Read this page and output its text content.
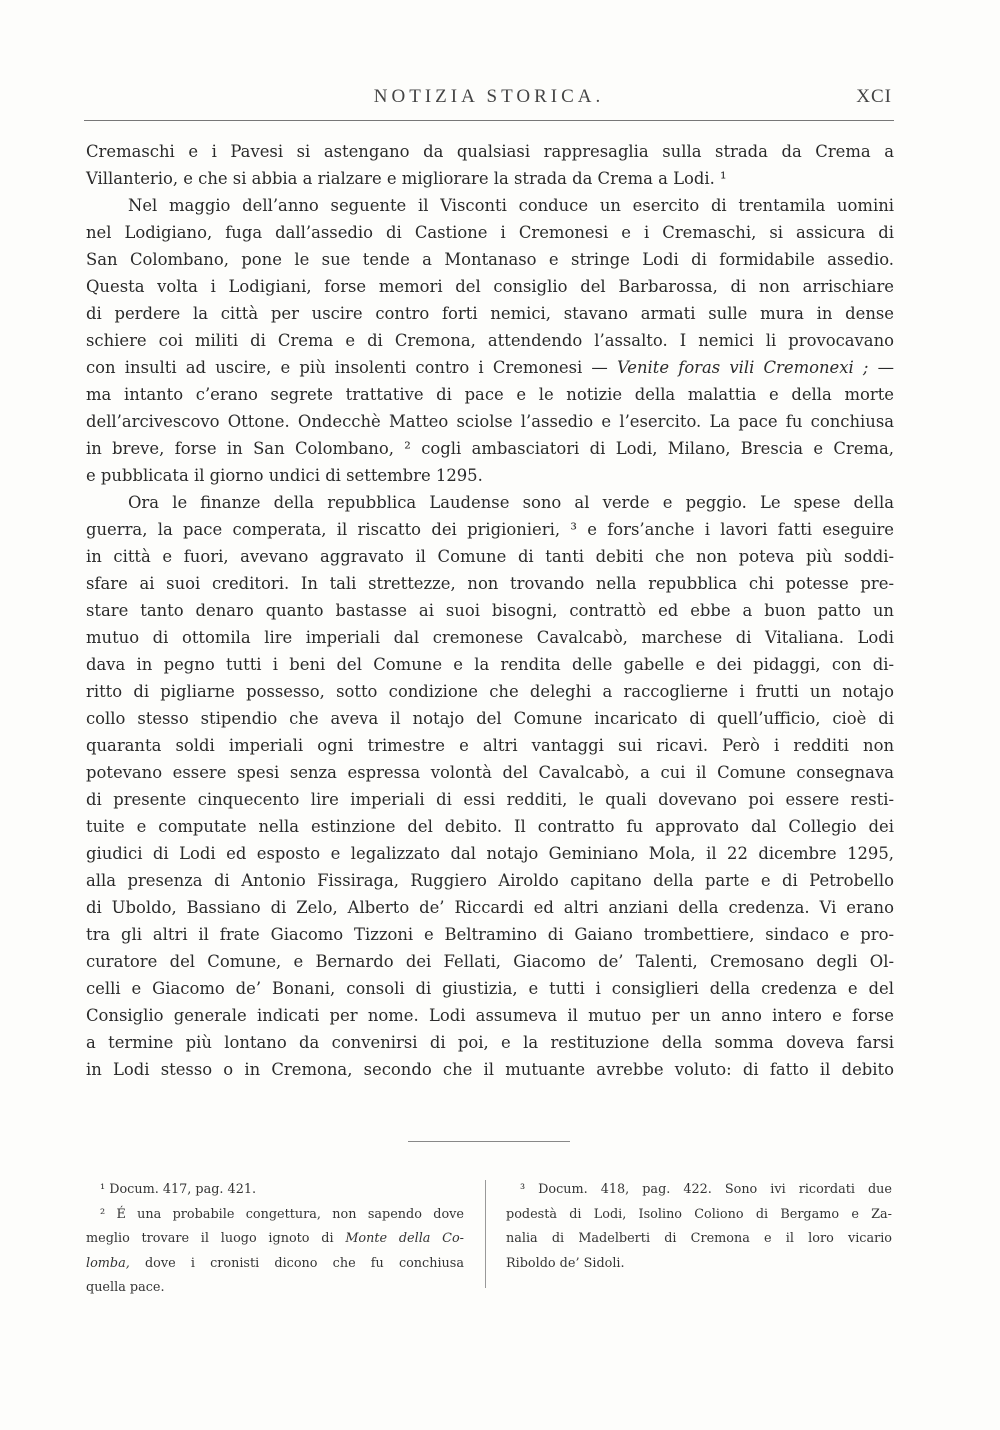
NOTIZIA STORICA.	XCI
Cremaschi e i Pavesi si astengano da qualsiasi rappresaglia sulla strada da Crema a
Villanterio, e che si abbia a rialzare e migliorare la strada da Crema a Lodi. ¹
Nel maggio dell’anno seguente il Visconti conduce un esercito di trentamila uomini
nel Lodigiano, fuga dall’assedio di Castione i Cremonesi e i Cremaschi, si assicura di
San Colombano, pone le sue tende a Montanaso e stringe Lodi di formidabile assedio.
Questa volta i Lodigiani, forse memori del consiglio del Barbarossa, di non arrischiare
di perdere la città per uscire contro forti nemici, stavano armati sulle mura in dense
schiere coi militi di Crema e di Cremona, attendendo l’assalto. I nemici li provocavano
con insulti ad uscire, e più insolenti contro i Cremonesi — Venite foras vili Cremonexi ; —
ma intanto c’erano segrete trattative di pace e le notizie della malattia e della morte
dell’arcivescovo Ottone. Ondecchè Matteo sciolse l’assedio e l’esercito. La pace fu conchiusa
in breve, forse in San Colombano, ² cogli ambasciatori di Lodi, Milano, Brescia e Crema,
e pubblicata il giorno undici di settembre 1295.
Ora le finanze della repubblica Laudense sono al verde e peggio. Le spese della
guerra, la pace comperata, il riscatto dei prigionieri, ³ e fors’anche i lavori fatti eseguire
in città e fuori, avevano aggravato il Comune di tanti debiti che non poteva più soddi-
sfare ai suoi creditori. In tali strettezze, non trovando nella repubblica chi potesse pre-
stare tanto denaro quanto bastasse ai suoi bisogni, contrattò ed ebbe a buon patto un
mutuo di ottomila lire imperiali dal cremonese Cavalcabò, marchese di Vitaliana. Lodi
dava in pegno tutti i beni del Comune e la rendita delle gabelle e dei pidaggi, con di-
ritto di pigliarne possesso, sotto condizione che deleghi a raccoglierne i frutti un notajo
collo stesso stipendio che aveva il notajo del Comune incaricato di quell’ufficio, cioè di
quaranta soldi imperiali ogni trimestre e altri vantaggi sui ricavi. Però i redditi non
potevano essere spesi senza espressa volontà del Cavalcabò, a cui il Comune consegnava
di presente cinquecento lire imperiali di essi redditi, le quali dovevano poi essere resti-
tuite e computate nella estinzione del debito. Il contratto fu approvato dal Collegio dei
giudici di Lodi ed esposto e legalizzato dal notajo Geminiano Mola, il 22 dicembre 1295,
alla presenza di Antonio Fissiraga, Ruggiero Airoldo capitano della parte e di Petrobello
di Uboldo, Bassiano di Zelo, Alberto de’ Riccardi ed altri anziani della credenza. Vi erano
tra gli altri il frate Giacomo Tizzoni e Beltramino di Gaiano trombettiere, sindaco e pro-
curatore del Comune, e Bernardo dei Fellati, Giacomo de’ Talenti, Cremosano degli Ol-
celli e Giacomo de’ Bonani, consoli di giustizia, e tutti i consiglieri della credenza e del
Consiglio generale indicati per nome. Lodi assumeva il mutuo per un anno intero e forse
a termine più lontano da convenirsi di poi, e la restituzione della somma doveva farsi
in Lodi stesso o in Cremona, secondo che il mutuante avrebbe voluto: di fatto il debito
¹ Docum. 417, pag. 421.
² É una probabile congettura, non sapendo dove
meglio trovare il luogo ignoto di Monte della Co-
lomba, dove i cronisti dicono che fu conchiusa
quella pace.
³ Docum. 418, pag. 422. Sono ivi ricordati due
podestà di Lodi, Isolino Coliono di Bergamo e Za-
nalia di Madelberti di Cremona e il loro vicario
Riboldo de’ Sidoli.
